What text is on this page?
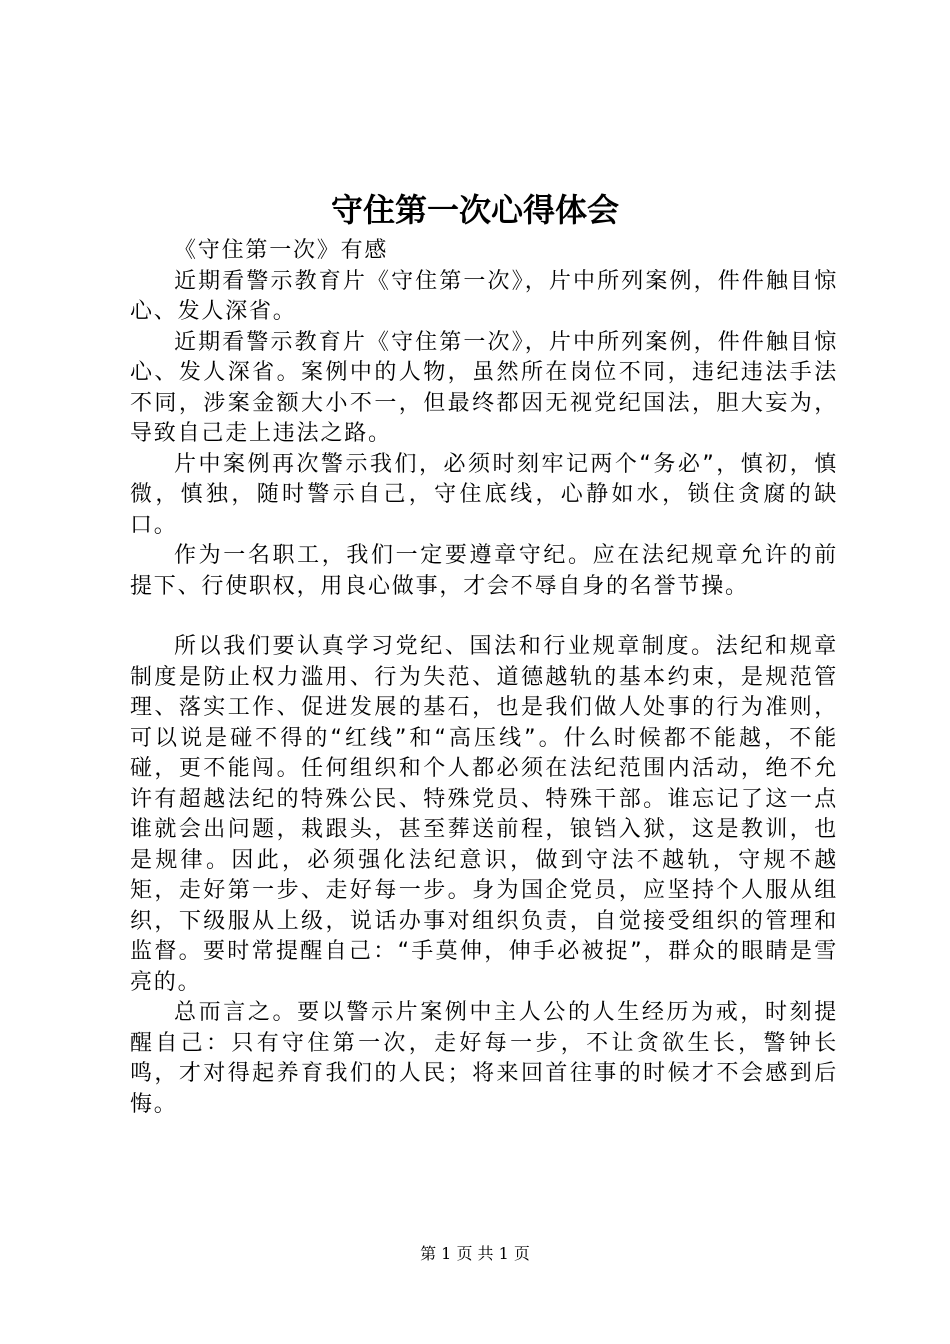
守住第一次心得体会

《守住第一次》有感

近期看警示教育片《守住第一次》，片中所列案例，件件触目惊心、发人深省。

近期看警示教育片《守住第一次》，片中所列案例，件件触目惊心、发人深省。案例中的人物，虽然所在岗位不同，违纪违法手法不同，涉案金额大小不一，但最终都因无视党纪国法，胆大妄为，导致自己走上违法之路。

片中案例再次警示我们，必须时刻牢记两个“务必”，慎初，慎微，慎独，随时警示自己，守住底线，心静如水，锁住贪腐的缺口。

作为一名职工，我们一定要遵章守纪。应在法纪规章允许的前提下、行使职权，用良心做事，才会不辱自身的名誉节操。

所以我们要认真学习党纪、国法和行业规章制度。法纪和规章制度是防止权力滥用、行为失范、道德越轨的基本约束，是规范管理、落实工作、促进发展的基石，也是我们做人处事的行为准则，可以说是碰不得的“红线”和“高压线”。什么时候都不能越，不能碰，更不能闯。任何组织和个人都必须在法纪范围内活动，绝不允许有超越法纪的特殊公民、特殊党员、特殊干部。谁忘记了这一点谁就会出问题，栽跟头，甚至葬送前程，锒铛入狱，这是教训，也是规律。因此，必须强化法纪意识，做到守法不越轨，守规不越矩，走好第一步、走好每一步。身为国企党员，应坚持个人服从组织，下级服从上级，说话办事对组织负责，自觉接受组织的管理和监督。要时常提醒自己：“手莫伸，伸手必被捉”，群众的眼睛是雪亮的。

总而言之。要以警示片案例中主人公的人生经历为戒，时刻提醒自己：只有守住第一次，走好每一步，不让贪欲生长，警钟长鸣，才对得起养育我们的人民；将来回首往事的时候才不会感到后悔。

第 1 页 共 1 页
